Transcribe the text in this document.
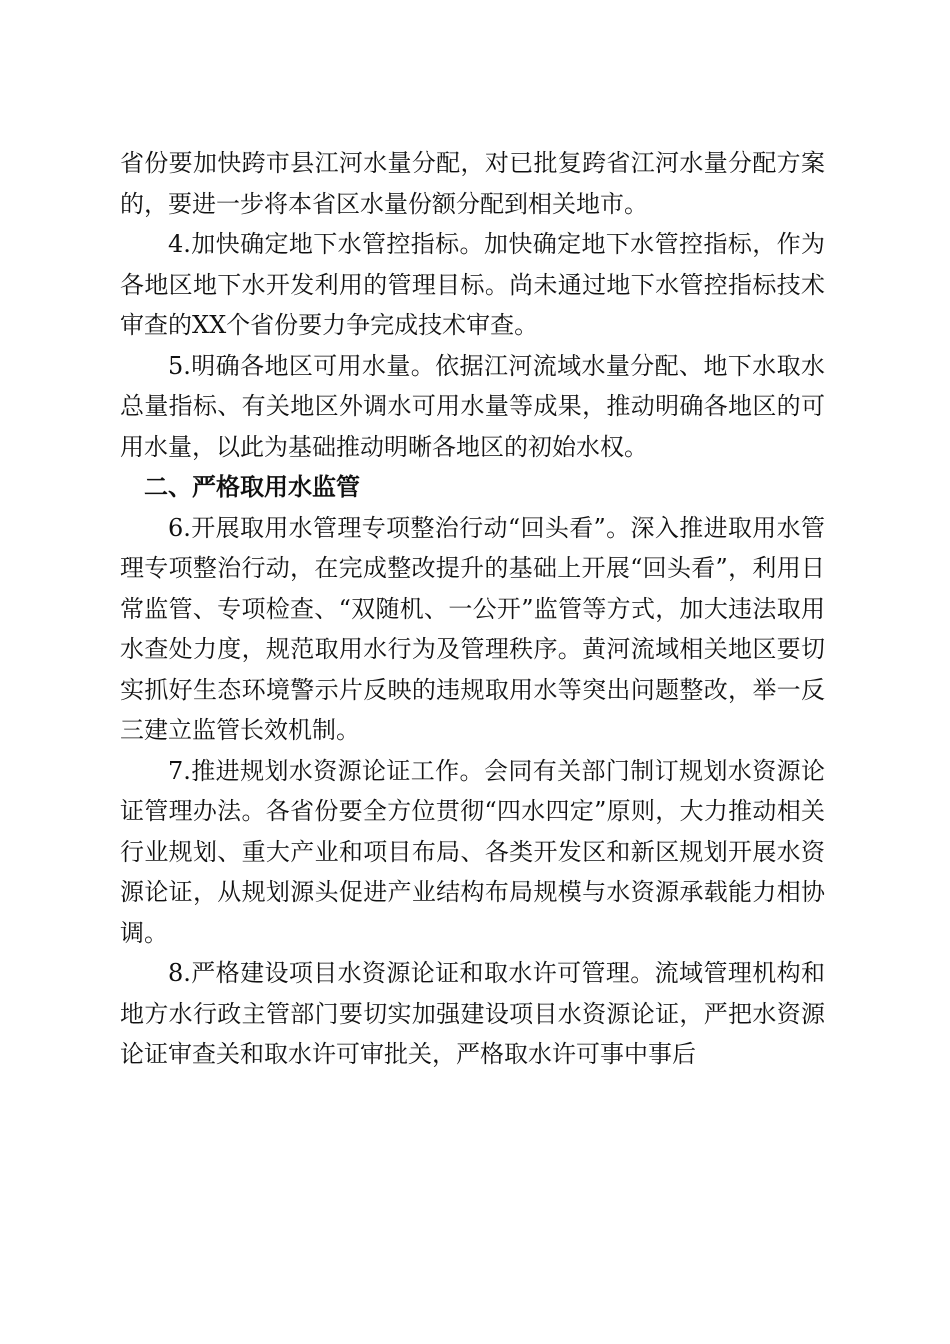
省份要加快跨市县江河水量分配，对已批复跨省江河水量分配方案的，要进一步将本省区水量份额分配到相关地市。

4.加快确定地下水管控指标。加快确定地下水管控指标，作为各地区地下水开发利用的管理目标。尚未通过地下水管控指标技术审查的XX个省份要力争完成技术审查。

5.明确各地区可用水量。依据江河流域水量分配、地下水取水总量指标、有关地区外调水可用水量等成果，推动明确各地区的可用水量，以此为基础推动明晰各地区的初始水权。

二、严格取用水监管

6.开展取用水管理专项整治行动“回头看”。深入推进取用水管理专项整治行动，在完成整改提升的基础上开展“回头看”，利用日常监管、专项检查、“双随机、一公开”监管等方式，加大违法取用水查处力度，规范取用水行为及管理秩序。黄河流域相关地区要切实抓好生态环境警示片反映的违规取用水等突出问题整改，举一反三建立监管长效机制。

7.推进规划水资源论证工作。会同有关部门制订规划水资源论证管理办法。各省份要全方位贯彻“四水四定”原则，大力推动相关行业规划、重大产业和项目布局、各类开发区和新区规划开展水资源论证，从规划源头促进产业结构布局规模与水资源承载能力相协调。

8.严格建设项目水资源论证和取水许可管理。流域管理机构和地方水行政主管部门要切实加强建设项目水资源论证，严把水资源论证审查关和取水许可审批关，严格取水许可事中事后
